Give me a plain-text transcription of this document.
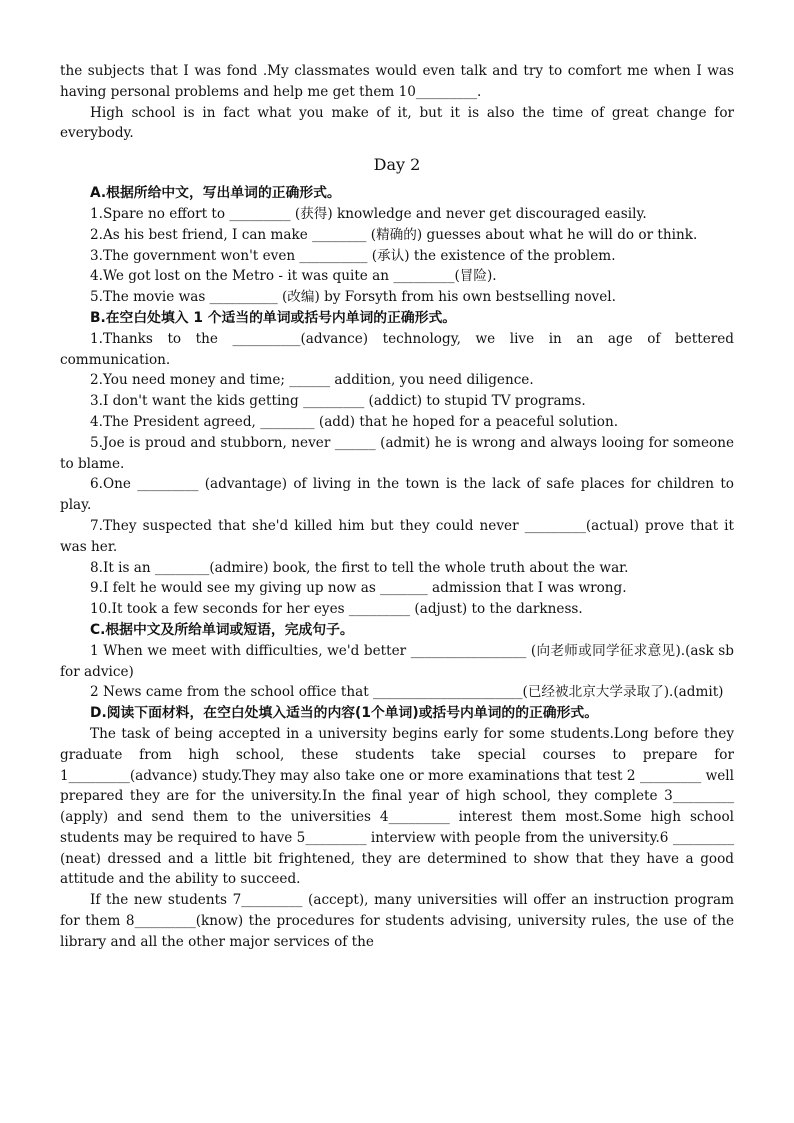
the subjects that I was fond .My classmates would even talk and try to comfort me when I was having personal problems and help me get them 10_________.

High school is in fact what you make of it, but it is also the time of great change for everybody.

Day 2

A.根据所给中文，写出单词的正确形式。

1.Spare no effort to _________ (获得) knowledge and never get discouraged easily.

2.As his best friend, I can make ________ (精确的) guesses about what he will do or think.

3.The government won't even __________ (承认) the existence of the problem.

4.We got lost on the Metro - it was quite an _________(冒险).

5.The movie was __________ (改编) by Forsyth from his own bestselling novel.

B.在空白处填入 1 个适当的单词或括号内单词的正确形式。

1.Thanks to the __________(advance) technology, we live in an age of bettered communication.

2.You need money and time; ______ addition, you need diligence.

3.I don't want the kids getting _________ (addict) to stupid TV programs.

4.The President agreed, ________ (add) that he hoped for a peaceful solution.

5.Joe is proud and stubborn, never ______ (admit) he is wrong and always looing for someone to blame.

6.One _________ (advantage) of living in the town is the lack of safe places for children to play.

7.They suspected that she'd killed him but they could never _________(actual) prove that it was her.

8.It is an ________(admire) book, the first to tell the whole truth about the war.

9.I felt he would see my giving up now as _______ admission that I was wrong.

10.It took a few seconds for her eyes _________ (adjust) to the darkness.

C.根据中文及所给单词或短语，完成句子。

1 When we meet with difficulties, we'd better _________________ (向老师或同学征求意见).(ask sb for advice)

2 News came from the school office that ______________________(已经被北京大学录取了).(admit)

D.阅读下面材料，在空白处填入适当的内容(1个单词)或括号内单词的的正确形式。

The task of being accepted in a university begins early for some students.Long before they graduate from high school, these students take special courses to prepare for 1_________(advance) study.They may also take one or more examinations that test 2 _________ well prepared they are for the university.In the final year of high school, they complete 3_________ (apply) and send them to the universities 4_________ interest them most.Some high school students may be required to have 5_________ interview with people from the university.6 _________ (neat) dressed and a little bit frightened, they are determined to show that they have a good attitude and the ability to succeed.

If the new students 7_________ (accept), many universities will offer an instruction program for them 8_________(know) the procedures for students advising, university rules, the use of the library and all the other major services of the
